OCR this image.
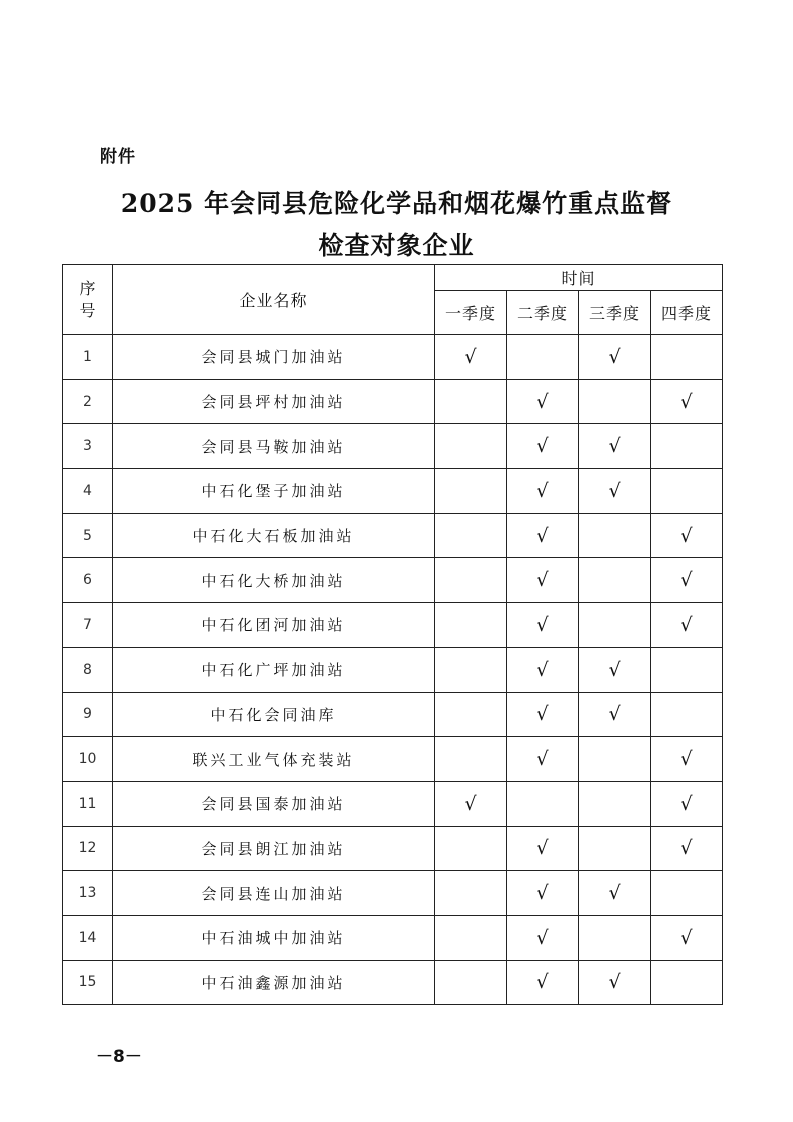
附件
2025 年会同县危险化学品和烟花爆竹重点监督
检查对象企业
序
号	企业名称	时间			
		一季度	二季度	三季度	四季度
1	会同县城门加油站	√		√	
2	会同县坪村加油站		√		√
3	会同县马鞍加油站		√	√	
4	中石化堡子加油站		√	√	
5	中石化大石板加油站		√		√
6	中石化大桥加油站		√		√
7	中石化团河加油站		√		√
8	中石化广坪加油站		√	√	
9	中石化会同油库		√	√	
10	联兴工业气体充装站		√		√
11	会同县国泰加油站	√			√
12	会同县朗江加油站		√		√
13	会同县连山加油站		√	√	
14	中石油城中加油站		√		√
15	中石油鑫源加油站		√	√	
－8－
